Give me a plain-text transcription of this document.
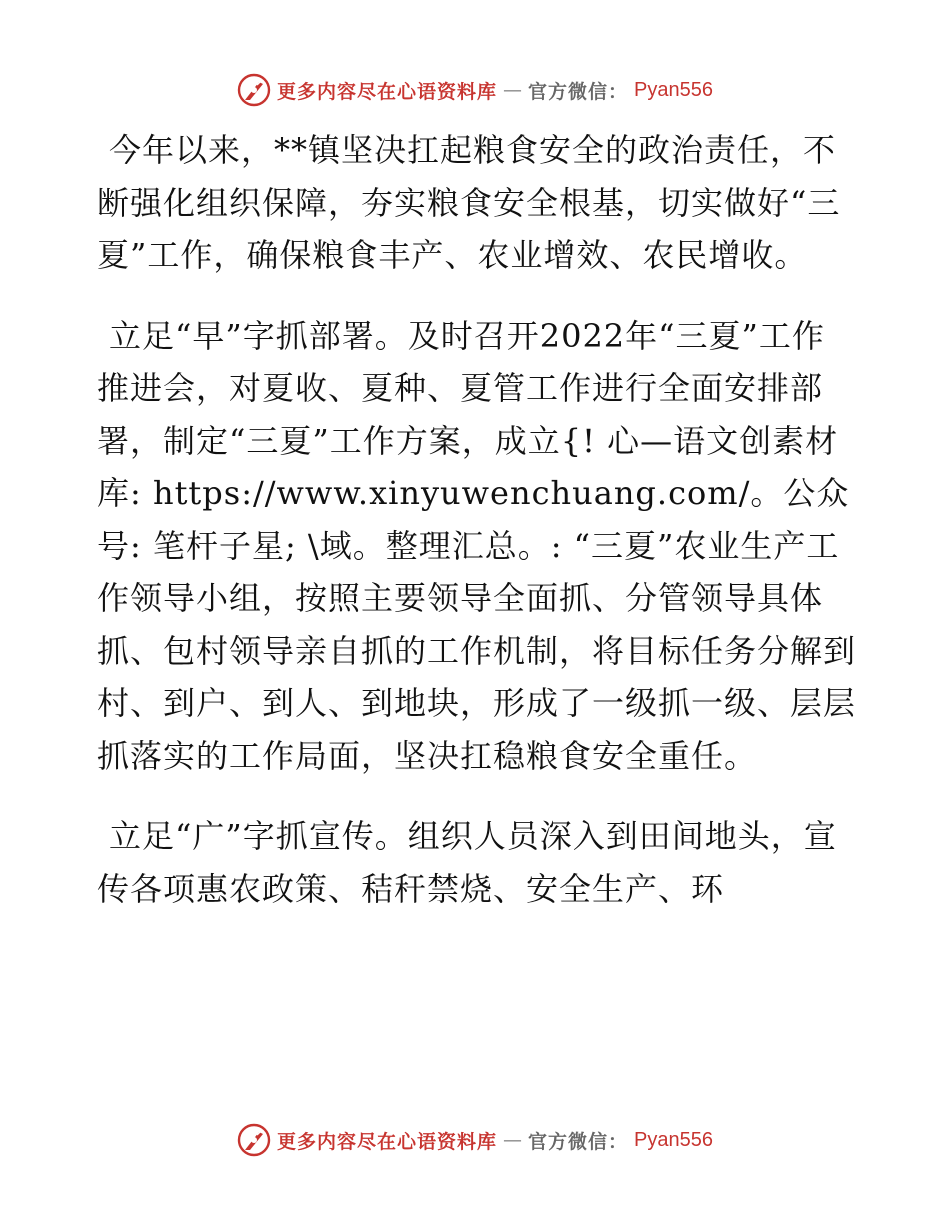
更多内容尽在心语资料库 — 官方微信： Pyan556

今年以来，**镇坚决扛起粮食安全的政治责任，不断强化组织保障，夯实粮食安全根基，切实做好“三夏”工作，确保粮食丰产、农业增效、农民增收。

立足“早”字抓部署。及时召开2022年“三夏”工作推进会，对夏收、夏种、夏管工作进行全面安排部署，制定“三夏”工作方案，成立{! 心—语文创素材库: https://www.xinyuwenchuang.com/。公众号: 笔杆子星; \域。整理汇总。: “三夏”农业生产工作领导小组，按照主要领导全面抓、分管领导具体抓、包村领导亲自抓的工作机制，将目标任务分解到村、到户、到人、到地块，形成了一级抓一级、层层抓落实的工作局面，坚决扛稳粮食安全重任。

立足“广”字抓宣传。组织人员深入到田间地头，宣传各项惠农政策、秸秆禁烧、安全生产、环

更多内容尽在心语资料库 — 官方微信： Pyan556
